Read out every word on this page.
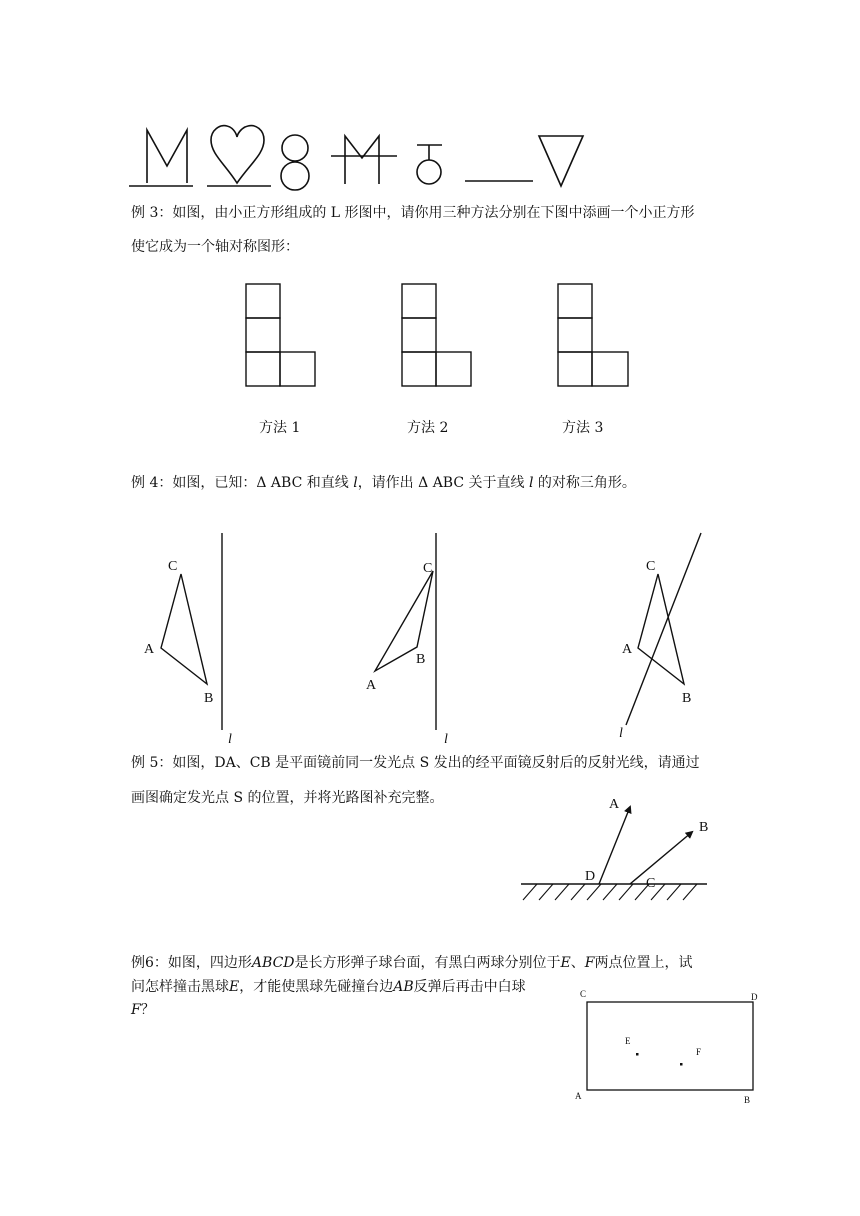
例 3：如图，由小正方形组成的 L 形图中，请你用三种方法分别在下图中添画一个小正方形
使它成为一个轴对称图形：
方法 1	方法 2	方法 3
例 4：如图，已知：Δ ABC 和直线 l，请作出 Δ ABC 关于直线 l 的对称三角形。
C
A
B
l
C
B
A
l
C
A
B
l
例 5：如图，DA、CB 是平面镜前同一发光点 S 发出的经平面镜反射后的反射光线，请通过
画图确定发光点 S 的位置，并将光路图补充完整。	A
B
D	C
例6：如图，四边形ABCD是长方形弹子球台面，有黑白两球分别位于E、F两点位置上，试
问怎样撞击黑球E，才能使黑球先碰撞台边AB反弹后再击中白球
F？
C	D
E
F
A	B
